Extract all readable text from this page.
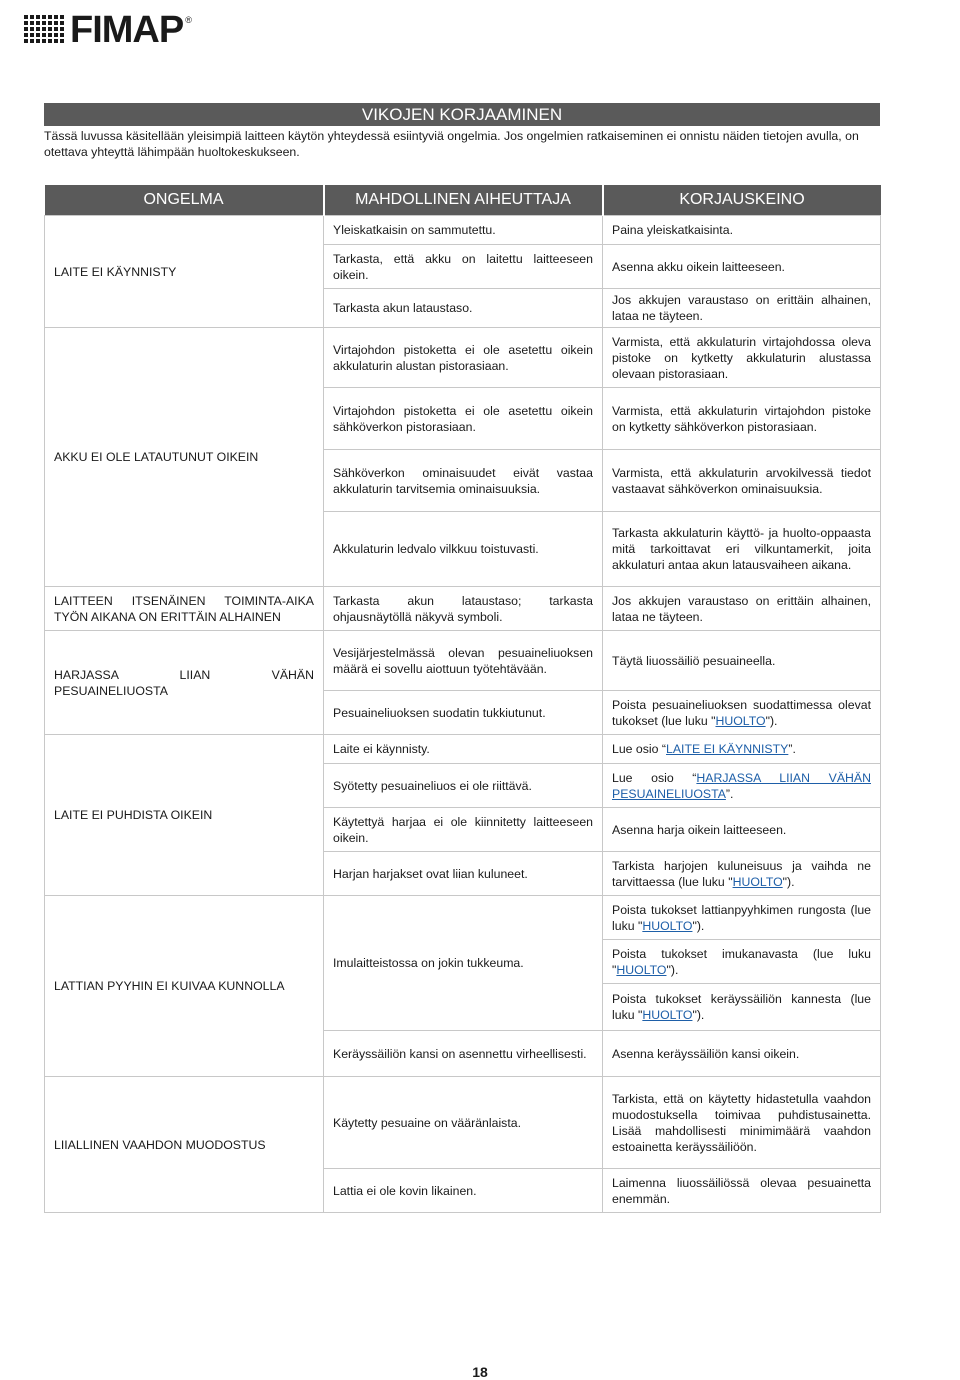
FIMAP ®
VIKOJEN KORJAAMINEN
Tässä luvussa käsitellään yleisimpiä laitteen käytön yhteydessä esiintyviä ongelmia. Jos ongelmien ratkaiseminen ei onnistu näiden tietojen avulla, on otettava yhteyttä lähimpään huoltokeskukseen.
ONGELMA	MAHDOLLINEN AIHEUTTAJA	KORJAUSKEINO
LAITE EI KÄYNNISTY	Yleiskatkaisin on sammutettu.	Paina yleiskatkaisinta.
	Tarkasta, että akku on laitettu laitteeseen oikein.	Asenna akku oikein laitteeseen.
	Tarkasta akun lataustaso.	Jos akkujen varaustaso on erittäin alhainen, lataa ne täyteen.
AKKU EI OLE LATAUTUNUT OIKEIN	Virtajohdon pistoketta ei ole asetettu oikein akkulaturin alustan pistorasiaan.	Varmista, että akkulaturin virtajohdossa oleva pistoke on kytketty akkulaturin alustassa olevaan pistorasiaan.
	Virtajohdon pistoketta ei ole asetettu oikein sähköverkon pistorasiaan.	Varmista, että akkulaturin virtajohdon pistoke on kytketty sähköverkon pistorasiaan.
	Sähköverkon ominaisuudet eivät vastaa akkulaturin tarvitsemia ominaisuuksia.	Varmista, että akkulaturin arvokilvessä tiedot vastaavat sähköverkon ominaisuuksia.
	Akkulaturin ledvalo vilkkuu toistuvasti.	Tarkasta akkulaturin käyttö- ja huolto-oppaasta mitä tarkoittavat eri vilkuntamerkit, joita akkulaturi antaa akun latausvaiheen aikana.
LAITTEEN ITSENÄINEN TOIMINTA-AIKA TYÖN AIKANA ON ERITTÄIN ALHAINEN	Tarkasta akun lataustaso; tarkasta ohjausnäytöllä näkyvä symboli.	Jos akkujen varaustaso on erittäin alhainen, lataa ne täyteen.
HARJASSA LIIAN VÄHÄN PESUAINELIUOSTA	Vesijärjestelmässä olevan pesuaineliuoksen määrä ei sovellu aiottuun työtehtävään.	Täytä liuossäiliö pesuaineella.
	Pesuaineliuoksen suodatin tukkiutunut.	Poista pesuaineliuoksen suodattimessa olevat tukokset (lue luku "HUOLTO").
LAITE EI PUHDISTA OIKEIN	Laite ei käynnisty.	Lue osio “LAITE EI KÄYNNISTY”.
	Syötetty pesuaineliuos ei ole riittävä.	Lue osio “HARJASSA LIIAN VÄHÄN PESUAINELIUOSTA”.
	Käytettyä harjaa ei ole kiinnitetty laitteeseen oikein.	Asenna harja oikein laitteeseen.
	Harjan harjakset ovat liian kuluneet.	Tarkista harjojen kuluneisuus ja vaihda ne tarvittaessa (lue luku "HUOLTO").
LATTIAN PYYHIN EI KUIVAA KUNNOLLA	Imulaitteistossa on jokin tukkeuma.	Poista tukokset lattianpyyhkimen rungosta (lue luku "HUOLTO").
		Poista tukokset imukanavasta (lue luku "HUOLTO").
		Poista tukokset keräyssäiliön kannesta (lue luku "HUOLTO").
	Keräyssäiliön kansi on asennettu virheellisesti.	Asenna keräyssäiliön kansi oikein.
LIIALLINEN VAAHDON MUODOSTUS	Käytetty pesuaine on vääränlaista.	Tarkista, että on käytetty hidastetulla vaahdon muodostuksella toimivaa puhdistusainetta. Lisää mahdollisesti minimimäärä vaahdon estoainetta keräyssäiliöön.
	Lattia ei ole kovin likainen.	Laimenna liuossäiliössä olevaa pesuainetta enemmän.
18
